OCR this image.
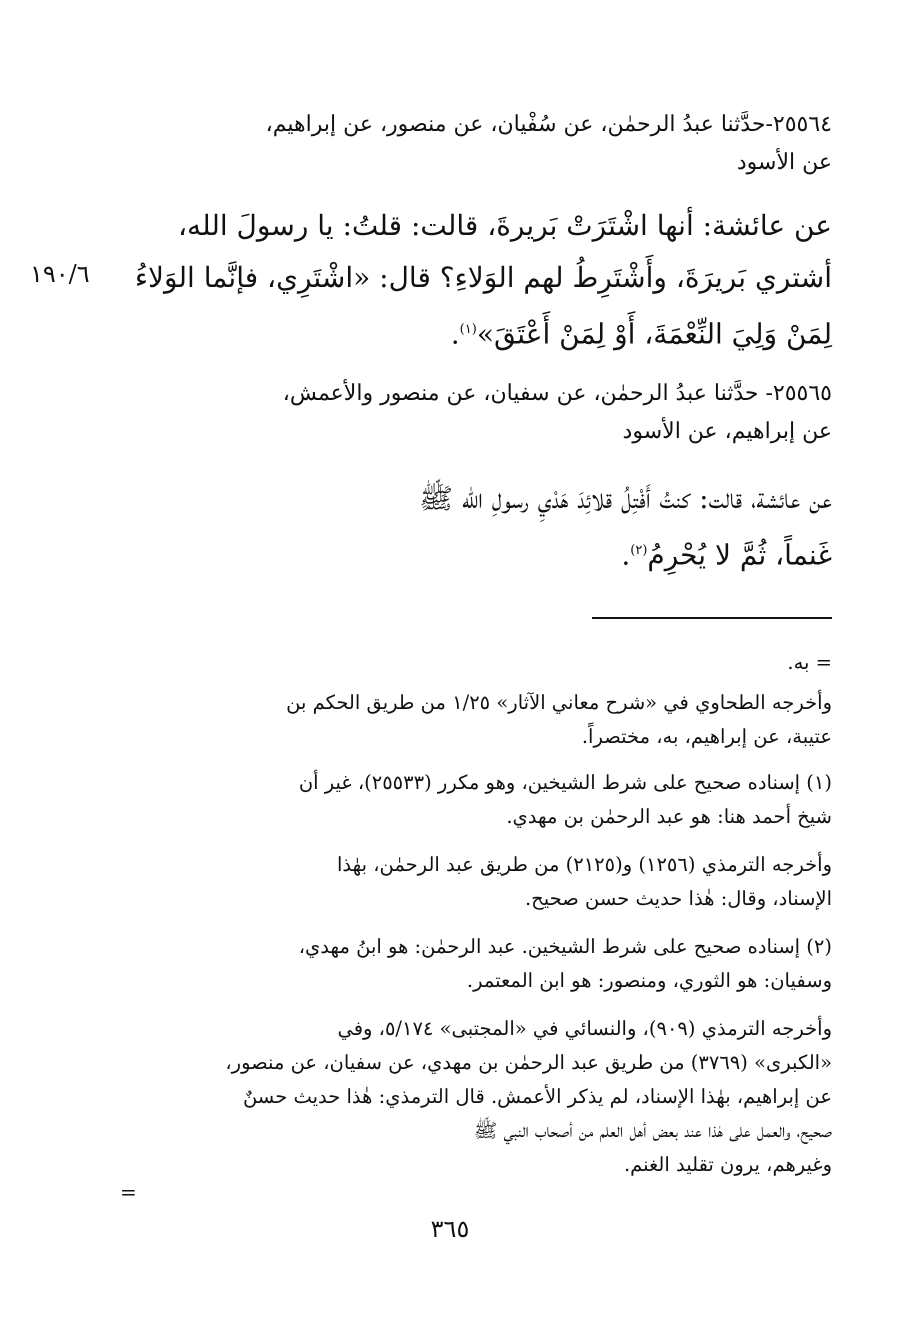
٢٥٥٦٤-حدَّثنا عبدُ الرحمٰن، عن سُفْيان، عن منصور، عن إبراهيم،
عن الأسود
عن عائشة: أنها اشْتَرَتْ بَريرةَ، قالت: قلتُ: يا رسولَ الله،
أشتري بَريرَةَ، وأَشْتَرِطُ لهم الوَلاءِ؟ قال: «اشْتَرِي، فإنَّما الوَلاءُ
لِمَنْ وَلِيَ النِّعْمَةَ، أَوْ لِمَنْ أَعْتَقَ»$^{(١)}$.
١٩٠/٦
٢٥٥٦٥- حدَّثنا عبدُ الرحمٰن، عن سفيان، عن منصور والأعمش،
عن إبراهيم، عن الأسود
عن عائشة، قالت: كنتُ أَفْتِلُ قلائِدَ هَدْيِ رسولِ الله ﷺ
غَنماً، ثُمَّ لا يُحْرِمُ$^{(٢)}$.
= به.
وأخرجه الطحاوي في «شرح معاني الآثار» ١/٢٥ من طريق الحكم بن
عتيبة، عن إبراهيم، به، مختصراً.
(١) إسناده صحيح على شرط الشيخين، وهو مكرر (٢٥٥٣٣)، غير أن
شيخ أحمد هنا: هو عبد الرحمٰن بن مهدي.
وأخرجه الترمذي (١٢٥٦) و(٢١٢٥) من طريق عبد الرحمٰن، بهٰذا
الإسناد، وقال: هٰذا حديث حسن صحيح.
(٢) إسناده صحيح على شرط الشيخين. عبد الرحمٰن: هو ابنُ مهدي،
وسفيان: هو الثوري، ومنصور: هو ابن المعتمر.
وأخرجه الترمذي (٩٠٩)، والنسائي في «المجتبى» ٥/١٧٤، وفي
«الكبرى» (٣٧٦٩) من طريق عبد الرحمٰن بن مهدي، عن سفيان، عن منصور،
عن إبراهيم، بهٰذا الإسناد، لم يذكر الأعمش. قال الترمذي: هٰذا حديث حسنٌ
صحيح، والعمل على هٰذا عند بعض أهل العلم من أصحاب النبي ﷺ
وغيرهم، يرون تقليد الغنم.
=
٣٦٥
